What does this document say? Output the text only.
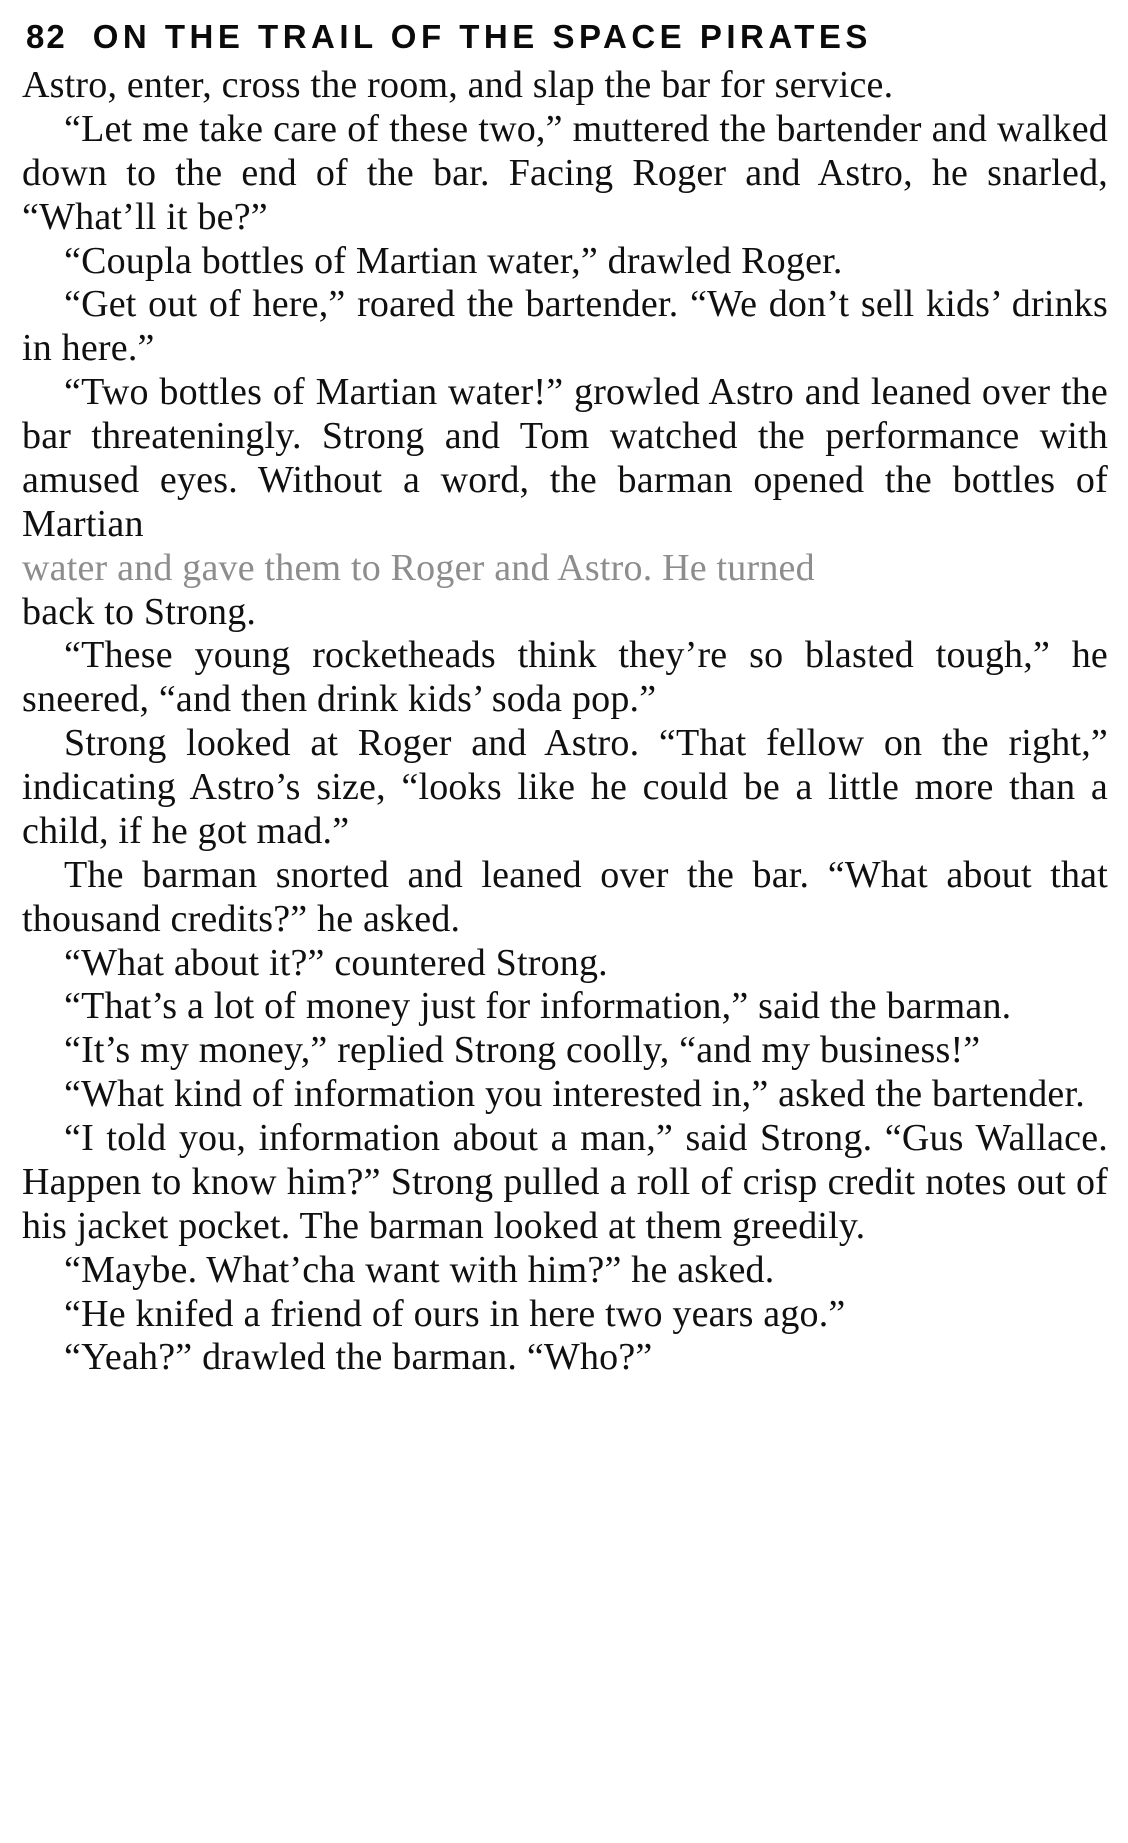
82 ON THE TRAIL OF THE SPACE PIRATES

Astro, enter, cross the room, and slap the bar for service.

“Let me take care of these two,” muttered the bartender and walked down to the end of the bar. Facing Roger and Astro, he snarled, “What’ll it be?”

“Coupla bottles of Martian water,” drawled Roger.

“Get out of here,” roared the bartender. “We don’t sell kids’ drinks in here.”

“Two bottles of Martian water!” growled Astro and leaned over the bar threateningly. Strong and Tom watched the performance with amused eyes. Without a word, the barman opened the bottles of Martian

water and gave them to Roger and Astro. He turned

back to Strong.

“These young rocketheads think they’re so blasted tough,” he sneered, “and then drink kids’ soda pop.”

Strong looked at Roger and Astro. “That fellow on the right,” indicating Astro’s size, “looks like he could be a little more than a child, if he got mad.”

The barman snorted and leaned over the bar. “What about that thousand credits?” he asked.

“What about it?” countered Strong.

“That’s a lot of money just for information,” said the barman.

“It’s my money,” replied Strong coolly, “and my business!”

“What kind of information you interested in,” asked the bartender.

“I told you, information about a man,” said Strong. “Gus Wallace. Happen to know him?” Strong pulled a roll of crisp credit notes out of his jacket pocket. The barman looked at them greedily.

“Maybe. What’cha want with him?” he asked.

“He knifed a friend of ours in here two years ago.”

“Yeah?” drawled the barman. “Who?”
